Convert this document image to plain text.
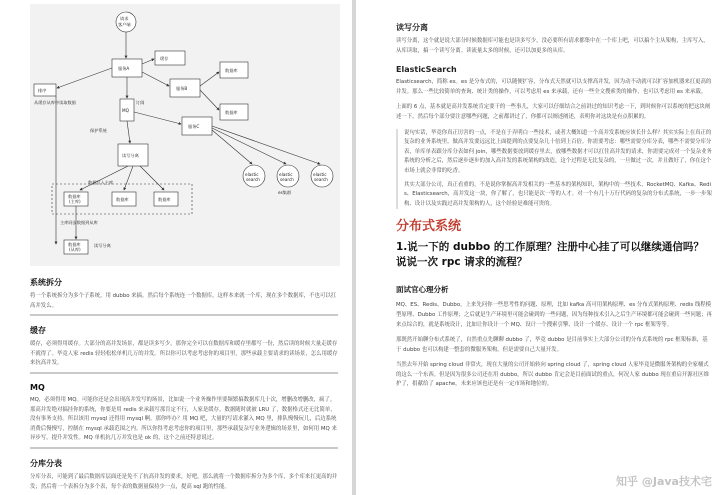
请求
客户端
服务A
排序
缓存
服务B
数据库
数据库
MQ
服务C
读写分离
elastic
search
elastic
search
elastic
search
es集群
数据库
(主库)	数据库	数据库
数据库
(从库)
读写分离
数据写入主库
主库同步数据到从库
从缓存从库中读取数据	订阅
保护系统
系统拆分

将一个系统拆分为多个子系统，用 dubbo 来搞。然后每个系统连一个数据库，这样本来就一个库，现在多个数据库，不也可以扛高并发么。

缓存

缓存，必须得用缓存。大部分的高并发场景，都是读多写少，那你完全可以在数据库和缓存里都写一份，然后读的时候大量走缓存不就得了。毕竟人家 redis 轻轻松松单机几万的并发。所以你可以考虑考虑你的项目里，那些承载主要请求的读场景，怎么用缓存来抗高并发。

MQ

MQ，必须得用 MQ。可能你还是会出现高并发写的场景，比如说一个业务操作里要频繁搞数据库几十次，增删改增删改，疯了。那高并发绝对搞挂你的系统，你要是用 redis 来承载写那肯定不行，人家是缓存，数据随时就被 LRU 了，数据格式还无比简单，没有事务支持。所以该用 mysql 还得用 mysql 啊。那你咋办？用 MQ 吧，大量的写请求灌入 MQ 里，排队慢慢玩儿，后边系统消费后慢慢写，控制在 mysql 承载范围之内。所以你得考虑考虑你的项目里，那些承载复杂写业务逻辑的场景里，如何用 MQ 来异步写，提升并发性。MQ 单机抗几万并发也是 ok 的，这个之前还特意说过。

分库分表

分库分表，可能到了最后数据库层面还是免不了抗高并发的要求，好吧，那么就将一个数据库拆分为多个库，多个库来扛更高的并发；然后将一个表拆分为多个表，每个表的数据量保持少一点，提高 sql 跑的性能。

读写分离

读写分离，这个就是说大部分时候数据库可能也是读多写少，没必要所有请求都集中在一个库上吧，可以搞个主从架构，主库写入，从库读取，搞一个读写分离。读流量太多的时候，还可以加更多的从库。

ElasticSearch

Elasticsearch，简称 es。es 是分布式的，可以随便扩容，分布式天然就可以支撑高并发，因为动不动就可以扩容加机器来扛更高的并发。那么一些比较简单的查询、统计类的操作，可以考虑用 es 来承载，还有一些全文搜索类的操作，也可以考虑用 es 来承载。

上面的 6 点，基本就是高并发系统肯定要干的一些事儿，大家可以仔细结合之前讲过的知识考虑一下，到时候你可以系统的把这块阐述一下，然后每个部分要注意哪些问题，之前都讲过了，你都可以阐述阐述，表明你对这块是有点积累的。

说句实话，毕竟你真正厉害的一点，不是在于弄明白一些技术，或者大概知道一个高并发系统应该长什么样？其实实际上在真正的复杂的业务系统里，做高并发要远远比上面提到的点要复杂几十倍到上百倍。你需要考虑：哪些需要分库分表，哪些不需要分库分表，单库单表跟分库分表如何 join，哪些数据要放到缓存里去，放哪些数据才可以扛住高并发的请求，你需要完成对一个复杂业务系统的分析之后，然后逐步逐步的加入高并发的系统架构的改造，这个过程是无比复杂的，一旦做过一次，并且做好了，你在这个市场上就会非常的吃香。

其实大部分公司，真正看重的，不是说你掌握高并发相关的一些基本的架构知识，架构中的一些技术，RocketMQ、Kafka、Redis、Elasticsearch，高并发这一块，你了解了，也只能是次一等的人才。对一个有几十万行代码的复杂的分布式系统，一步一步架构、设计以及实践过高并发架构的人，这个经验是难能可贵的。

分布式系统
1.说一下的 dubbo 的工作原理？注册中心挂了可以继续通信吗？说说一次 rpc 请求的流程？
面试官心理分析

MQ、ES、Redis、Dubbo，上来先问你一些思考性的问题、原理，比如 kafka 高可用架构原理、es 分布式架构原理、redis 线程模型原理、Dubbo 工作原理；之后就是生产环境里可能会碰到的一些问题，因为每种技术引入之后生产环境都可能会碰到一些问题；再来点综合的，就是系统设计，比如让你设计一个 MQ、设计一个搜索引擎、设计一个缓存、设计一个 rpc 框架等等。

那既然开始聊分布式系统了，自然重点先聊聊 dubbo 了，毕竟 dubbo 是目前事实上大部分公司的分布式系统的 rpc 框架标准，基于 dubbo 也可以构建一整套的微服务架构。但是需要自己大量开发。

当然去年开始 spring cloud 非常火，现在大量的公司开始转向 spring cloud 了，spring cloud 人家毕竟是微服务架构的全家桶式的这么一个东西。但是因为很多公司还在用 dubbo，所以 dubbo 肯定会是目前面试的重点，何况人家 dubbo 现在重启开源社区维护了，捐献给了 apache，未来应该也还是有一定市场和地位的。

知乎 @Java技术宅
